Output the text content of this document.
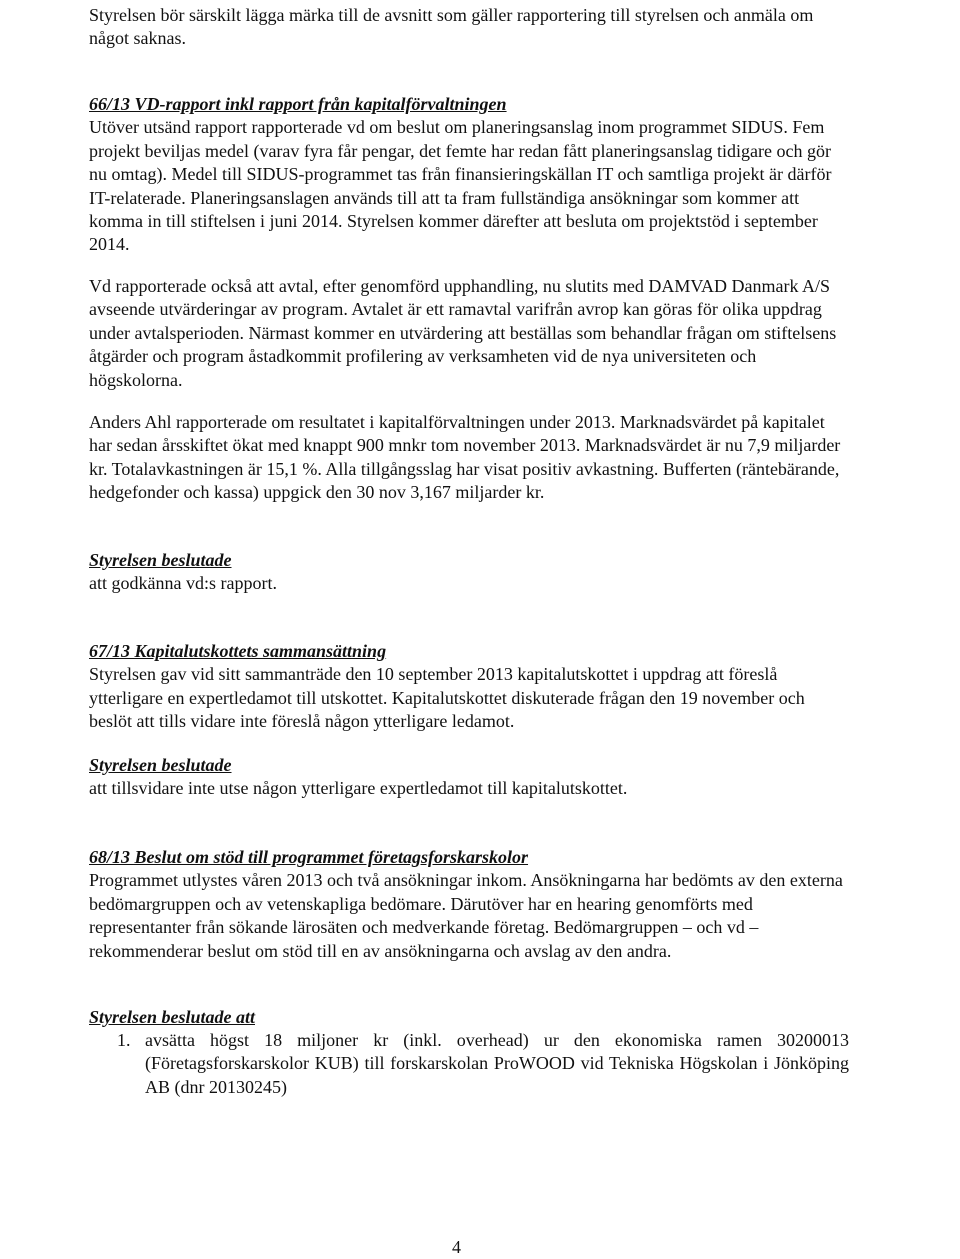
Styrelsen bör särskilt lägga märka till de avsnitt som gäller rapportering till styrelsen och anmäla om något saknas.

66/13 VD-rapport inkl rapport från kapitalförvaltningen

Utöver utsänd rapport rapporterade vd om beslut om planeringsanslag inom programmet SIDUS. Fem projekt beviljas medel (varav fyra får pengar, det femte har redan fått planeringsanslag tidigare och gör nu omtag). Medel till SIDUS-programmet tas från finansieringskällan IT och samtliga projekt är därför IT-relaterade. Planeringsanslagen används till att ta fram fullständiga ansökningar som kommer att komma in till stiftelsen i juni 2014. Styrelsen kommer därefter att besluta om projektstöd i september 2014.

Vd rapporterade också att avtal, efter genomförd upphandling, nu slutits med DAMVAD Danmark A/S avseende utvärderingar av program. Avtalet är ett ramavtal varifrån avrop kan göras för olika uppdrag under avtalsperioden. Närmast kommer en utvärdering att beställas som behandlar frågan om stiftelsens åtgärder och program åstadkommit profilering av verksamheten vid de nya universiteten och högskolorna.

Anders Ahl rapporterade om resultatet i kapitalförvaltningen under 2013. Marknadsvärdet på kapitalet har sedan årsskiftet ökat med knappt 900 mnkr tom november 2013. Marknadsvärdet är nu 7,9 miljarder kr. Totalavkastningen är 15,1 %. Alla tillgångsslag har visat positiv avkastning. Bufferten (räntebärande, hedgefonder och kassa) uppgick den 30 nov 3,167 miljarder kr.

Styrelsen beslutade

att godkänna vd:s rapport.

67/13 Kapitalutskottets sammansättning

Styrelsen gav vid sitt sammanträde den 10 september 2013 kapitalutskottet i uppdrag att föreslå ytterligare en expertledamot till utskottet. Kapitalutskottet diskuterade frågan den 19 november och beslöt att tills vidare inte föreslå någon ytterligare ledamot.

Styrelsen beslutade

att tillsvidare inte utse någon ytterligare expertledamot till kapitalutskottet.

68/13 Beslut om stöd till programmet företagsforskarskolor

Programmet utlystes våren 2013 och två ansökningar inkom. Ansökningarna har bedömts av den externa bedömargruppen och av vetenskapliga bedömare. Därutöver har en hearing genomförts med representanter från sökande lärosäten och medverkande företag. Bedömargruppen – och vd – rekommenderar beslut om stöd till en av ansökningarna och avslag av den andra.

Styrelsen beslutade att

1. avsätta högst 18 miljoner kr (inkl. overhead) ur den ekonomiska ramen 30200013 (Företagsforskarskolor KUB) till forskarskolan ProWOOD vid Tekniska Högskolan i Jönköping AB (dnr 20130245)

4
